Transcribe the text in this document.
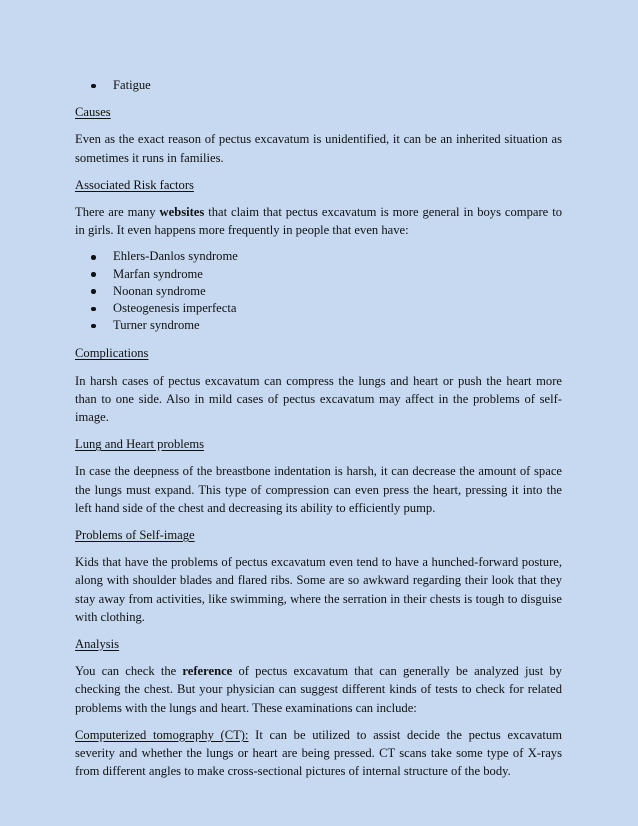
Fatigue
Causes

Even as the exact reason of pectus excavatum is unidentified, it can be an inherited situation as sometimes it runs in families.

Associated Risk factors

There are many websites that claim that pectus excavatum is more general in boys compare to in girls. It even happens more frequently in people that even have:

Ehlers-Danlos syndrome
Marfan syndrome
Noonan syndrome
Osteogenesis imperfecta
Turner syndrome
Complications

In harsh cases of pectus excavatum can compress the lungs and heart or push the heart more than to one side. Also in mild cases of pectus excavatum may affect in the problems of self-image.

Lung and Heart problems

In case the deepness of the breastbone indentation is harsh, it can decrease the amount of space the lungs must expand. This type of compression can even press the heart, pressing it into the left hand side of the chest and decreasing its ability to efficiently pump.

Problems of Self-image

Kids that have the problems of pectus excavatum even tend to have a hunched-forward posture, along with shoulder blades and flared ribs. Some are so awkward regarding their look that they stay away from activities, like swimming, where the serration in their chests is tough to disguise with clothing.

Analysis

You can check the reference of pectus excavatum that can generally be analyzed just by checking the chest. But your physician can suggest different kinds of tests to check for related problems with the lungs and heart. These examinations can include:

Computerized tomography (CT): It can be utilized to assist decide the pectus excavatum severity and whether the lungs or heart are being pressed. CT scans take some type of X-rays from different angles to make cross-sectional pictures of internal structure of the body.
